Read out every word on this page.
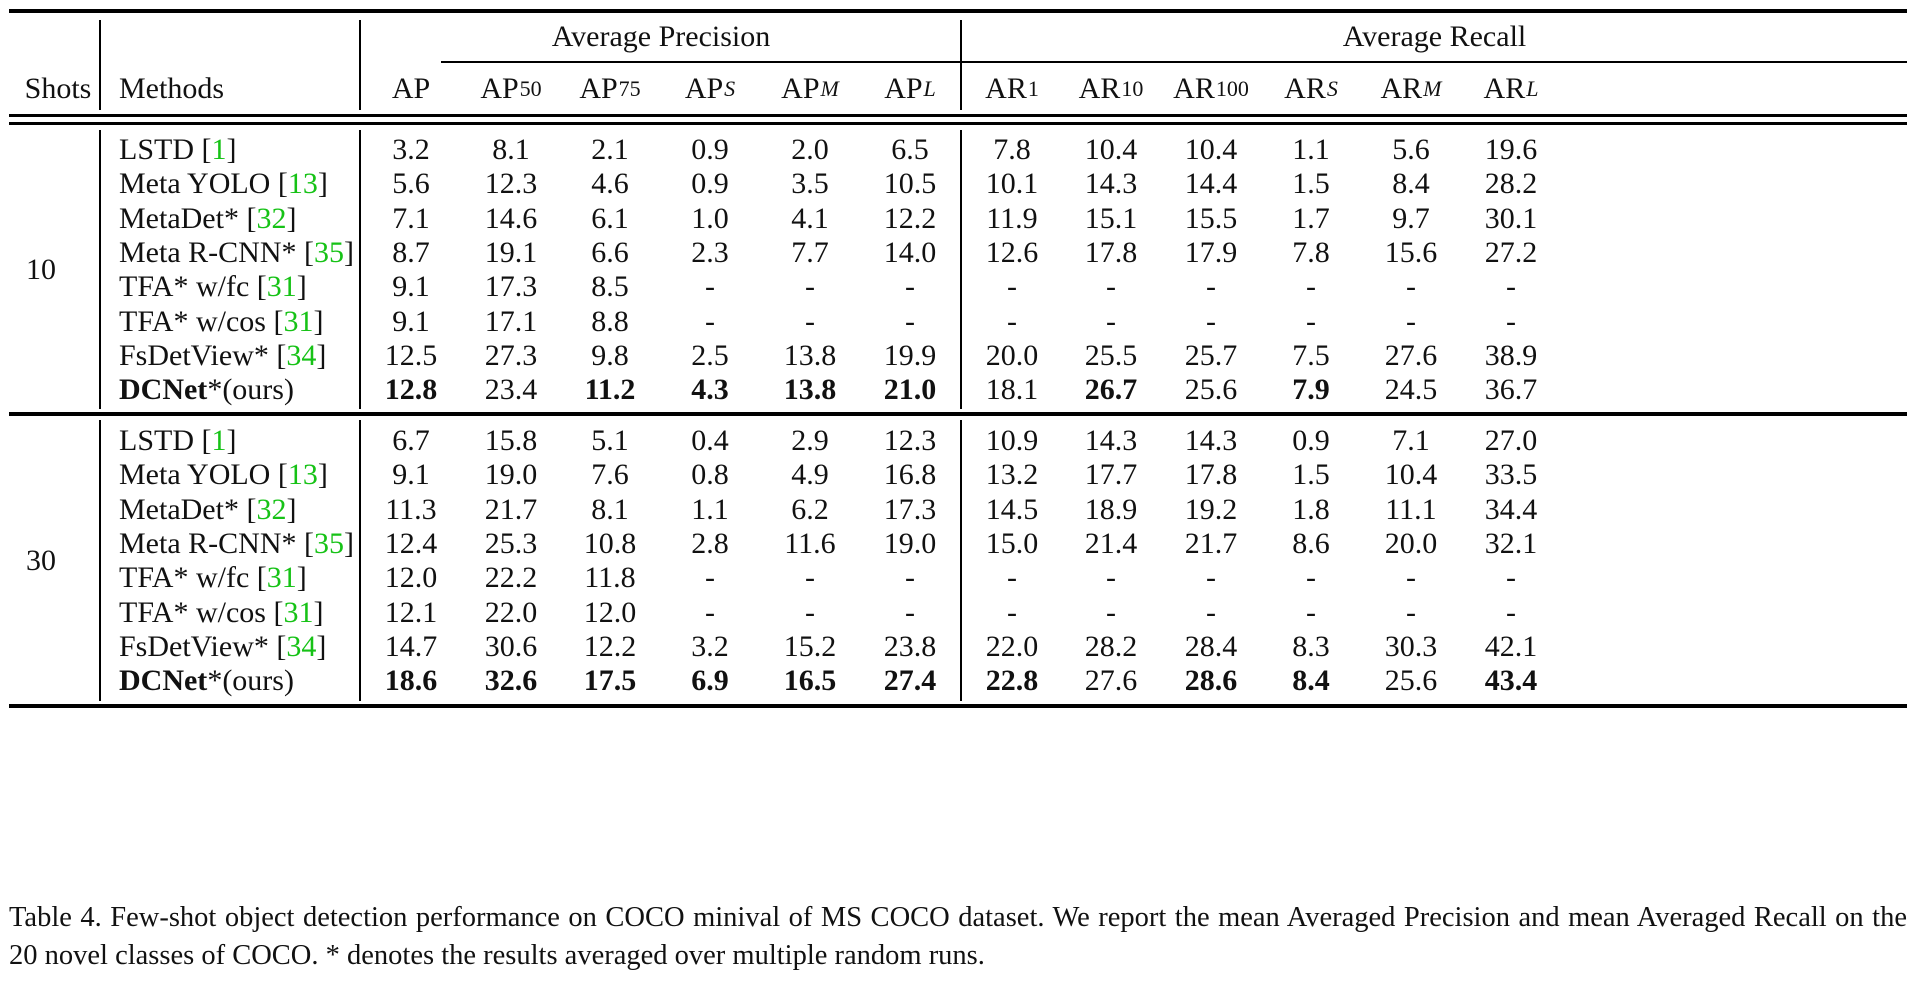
Average Precision	Average Recall
Shots Methods	AP AP 50 AP 75 AP S AP M AP L AR 1 AR 10 AR 100 AR S AR M AR L
10
LSTD [ 1 ]	3.2	8.1	2.1	0.9	2.0	6.5	7.8	10.4	10.4	1.1	5.6	19.6
Meta YOLO [ 13 ]	5.6	12.3	4.6	0.9	3.5	10.5	10.1	14.3	14.4	1.5	8.4	28.2
MetaDet* [ 32 ]	7.1	14.6	6.1	1.0	4.1	12.2	11.9	15.1	15.5	1.7	9.7	30.1
Meta R-CNN* [ 35 ]	8.7	19.1	6.6	2.3	7.7	14.0	12.6	17.8	17.9	7.8	15.6	27.2
TFA* w/fc [ 31 ]	9.1	17.3	8.5	-	-	-	-	-	-	-	-	-
TFA* w/cos [ 31 ]	9.1	17.1	8.8	-	-	-	-	-	-	-	-	-
FsDetView* [ 34 ]	12.5	27.3	9.8	2.5	13.8	19.9	20.0	25.5	25.7	7.5	27.6	38.9
DCNet *(ours)	12.8	23.4	11.2	4.3	13.8	21.0	18.1	26.7	25.6	7.9	24.5	36.7
30
LSTD [ 1 ]	6.7	15.8	5.1	0.4	2.9	12.3	10.9	14.3	14.3	0.9	7.1	27.0
Meta YOLO [ 13 ]	9.1	19.0	7.6	0.8	4.9	16.8	13.2	17.7	17.8	1.5	10.4	33.5
MetaDet* [ 32 ]	11.3	21.7	8.1	1.1	6.2	17.3	14.5	18.9	19.2	1.8	11.1	34.4
Meta R-CNN* [ 35 ]	12.4	25.3	10.8	2.8	11.6	19.0	15.0	21.4	21.7	8.6	20.0	32.1
TFA* w/fc [ 31 ]	12.0	22.2	11.8	-	-	-	-	-	-	-	-	-
TFA* w/cos [ 31 ]	12.1	22.0	12.0	-	-	-	-	-	-	-	-	-
FsDetView* [ 34 ]	14.7	30.6	12.2	3.2	15.2	23.8	22.0	28.2	28.4	8.3	30.3	42.1
DCNet *(ours)	18.6	32.6	17.5	6.9	16.5	27.4	22.8	27.6	28.6	8.4	25.6	43.4
Table 4. Few-shot object detection performance on COCO minival of MS COCO dataset. We report the mean Averaged Precision and mean Averaged Recall on the 20 novel classes of COCO. * denotes the results averaged over multiple random runs.
